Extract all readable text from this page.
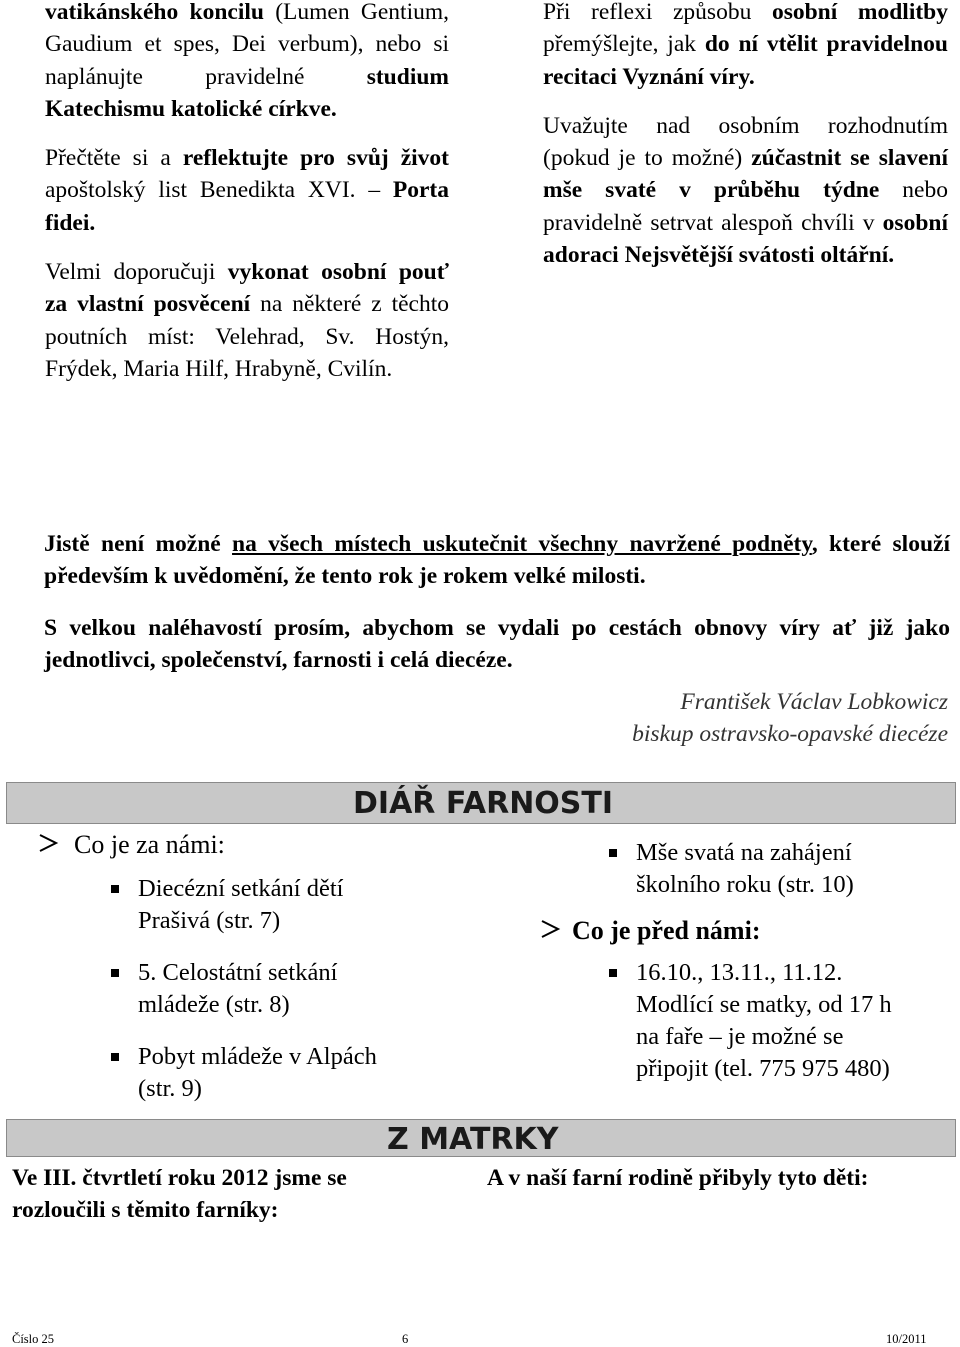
vatikánského koncilu (Lumen Gentium, Gaudium et spes, Dei verbum), nebo si naplánujte pravidelné studium Katechismu katolické církve.

Přečtěte si a reflektujte pro svůj život apoštolský list Benedikta XVI. – Porta fidei.

Velmi doporučuji vykonat osobní pouť za vlastní posvěcení na některé z těchto poutních míst: Velehrad, Sv. Hostýn, Frýdek, Maria Hilf, Hrabyně, Cvilín.

Při reflexi způsobu osobní modlitby přemýšlejte, jak do ní vtělit pravidelnou recitaci Vyznání víry.

Uvažujte nad osobním rozhodnutím (pokud je to možné) zúčastnit se slavení mše svaté v průběhu týdne nebo pravidelně setrvat alespoň chvíli v osobní adoraci Nejsvětější svátosti oltářní.

Jistě není možné na všech místech uskutečnit všechny navržené podněty, které slouží především k uvědomění, že tento rok je rokem velké milosti.

S velkou naléhavostí prosím, abychom se vydali po cestách obnovy víry ať již jako jednotlivci, společenství, farnosti i celá diecéze.

František Václav Lobkowicz

biskup ostravsko-opavské diecéze

DIÁŘ FARNOSTI

Co je za námi:
Diecézní setkání dětí
Prašivá (str. 7)
5. Celostátní setkání
mládeže (str. 8)
Pobyt mládeže v Alpách
(str. 9)
Mše svatá na zahájení
školního roku (str. 10)
Co je před námi:
16.10., 13.11., 11.12.
Modlící se matky, od 17 h
na faře – je možné se
připojit (tel. 775 975 480)

Z MATRKY

Ve III. čtvrtletí roku 2012 jsme se
rozloučili s těmito farníky:

A v naší farní rodině přibyly tyto děti:

Číslo 25	6	10/2011
